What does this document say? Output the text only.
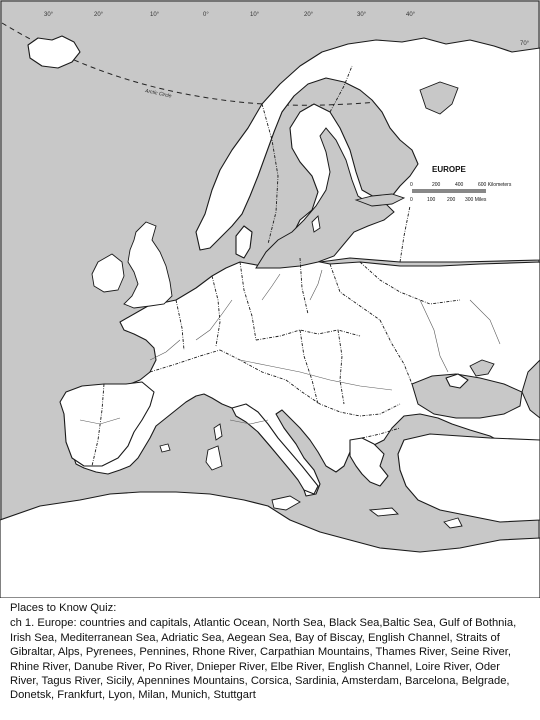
30°	20°	10°	0°	10°	20°	30°	40°
70°
Arctic Circle
EUROPE
0	200	400	600 Kilometers
0	100 200 300 Miles
Places to Know Quiz:
ch 1. Europe: countries and capitals, Atlantic Ocean, North Sea, Black Sea,Baltic Sea, Gulf of Bothnia, Irish Sea, Mediterranean Sea, Adriatic Sea, Aegean Sea, Bay of Biscay, English Channel, Straits of Gibraltar, Alps, Pyrenees, Pennines, Rhone River, Carpathian Mountains, Thames River, Seine River, Rhine River, Danube River, Po River, Dnieper River, Elbe River, English Channel, Loire River, Oder River, Tagus River, Sicily, Apennines Mountains, Corsica, Sardinia, Amsterdam, Barcelona, Belgrade, Donetsk, Frankfurt, Lyon, Milan, Munich, Stuttgart
